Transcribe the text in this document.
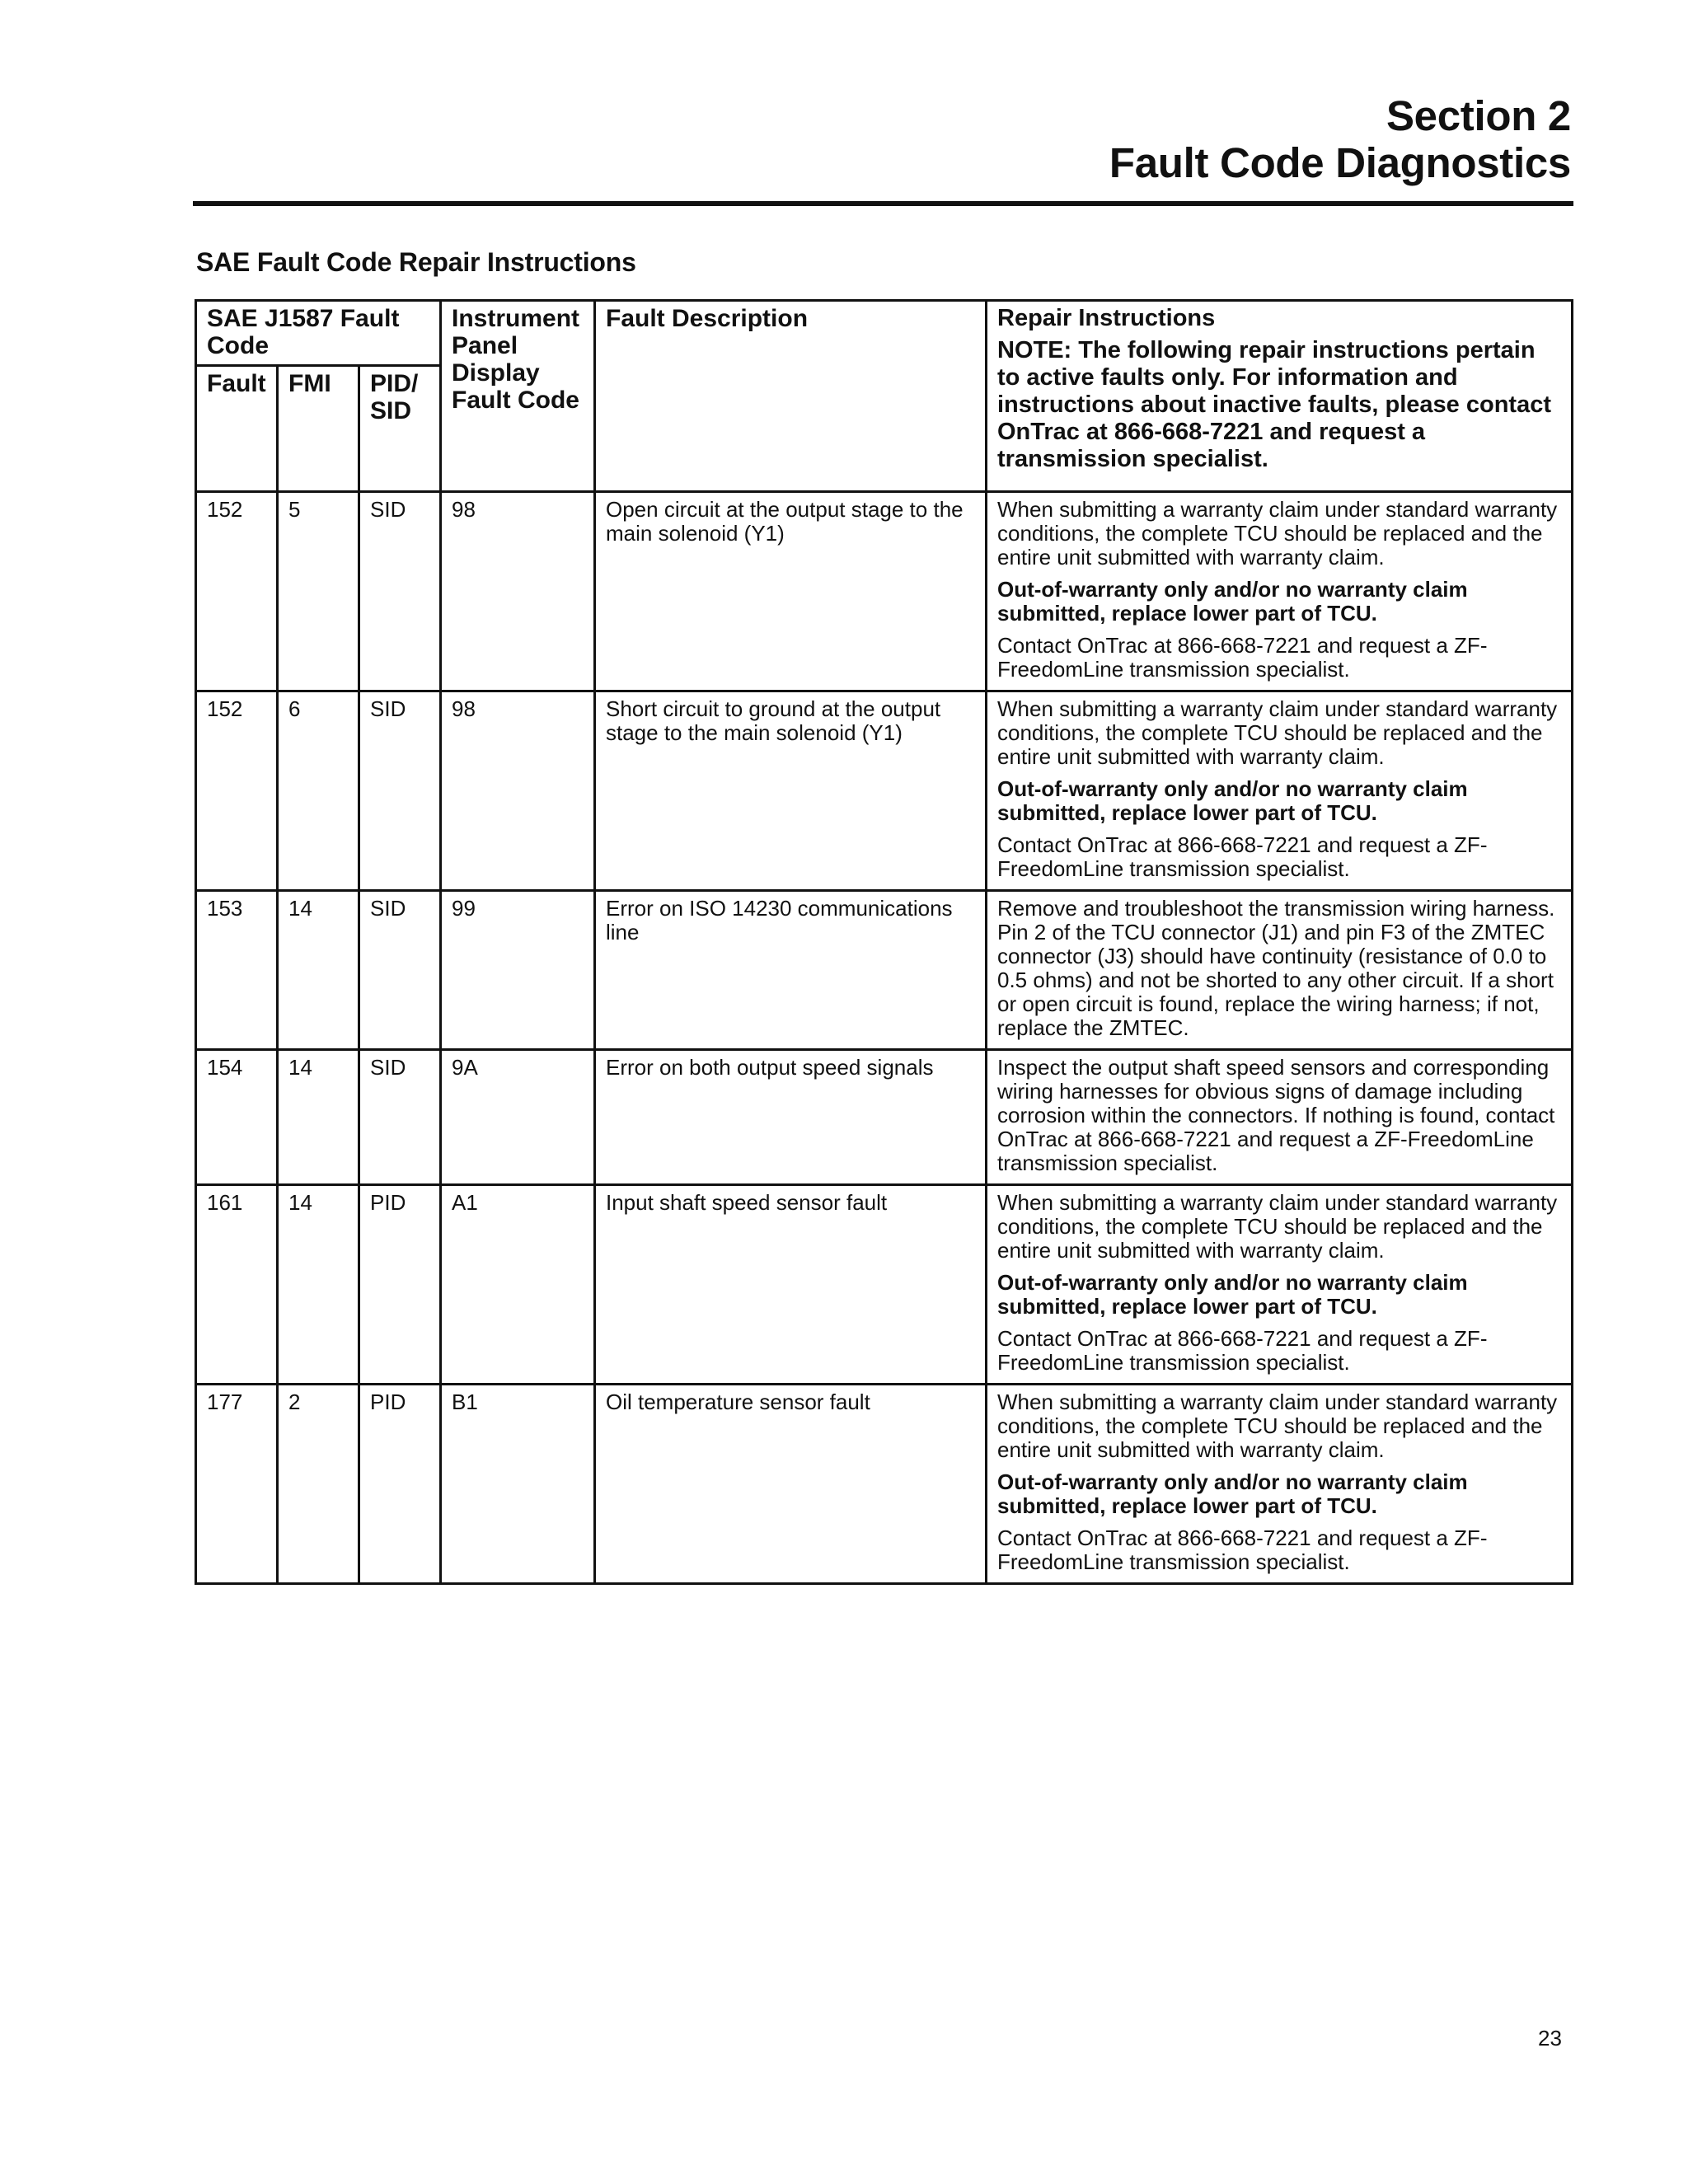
Section 2
Fault Code Diagnostics
SAE Fault Code Repair Instructions
SAE J1587 Fault Code			Instrument Panel Display Fault Code	Fault Description	Repair Instructions
NOTE: The following repair instructions pertain to active faults only. For information and instructions about inactive faults, please contact OnTrac at 866-668-7221 and request a transmission specialist.

Fault	FMI	PID/ SID			
152	5	SID	98	Open circuit at the output stage to the main solenoid (Y1)	When submitting a warranty claim under standard warranty conditions, the complete TCU should be replaced and the entire unit submitted with warranty claim.
Out-of-warranty only and/or no warranty claim submitted, replace lower part of TCU.
Contact OnTrac at 866-668-7221 and request a ZF-FreedomLine transmission specialist.

152	6	SID	98	Short circuit to ground at the output stage to the main solenoid (Y1)	When submitting a warranty claim under standard warranty conditions, the complete TCU should be replaced and the entire unit submitted with warranty claim.
Out-of-warranty only and/or no warranty claim submitted, replace lower part of TCU.
Contact OnTrac at 866-668-7221 and request a ZF-FreedomLine transmission specialist.

153	14	SID	99	Error on ISO 14230 communications line	Remove and troubleshoot the transmission wiring harness. Pin 2 of the TCU connector (J1) and pin F3 of the ZMTEC connector (J3) should have continuity (resistance of 0.0 to 0.5 ohms) and not be shorted to any other circuit. If a short or open circuit is found, replace the wiring harness; if not, replace the ZMTEC.

154	14	SID	9A	Error on both output speed signals	Inspect the output shaft speed sensors and corresponding wiring harnesses for obvious signs of damage including corrosion within the connectors. If nothing is found, contact OnTrac at 866-668-7221 and request a ZF-FreedomLine transmission specialist.

161	14	PID	A1	Input shaft speed sensor fault	When submitting a warranty claim under standard warranty conditions, the complete TCU should be replaced and the entire unit submitted with warranty claim.
Out-of-warranty only and/or no warranty claim submitted, replace lower part of TCU.
Contact OnTrac at 866-668-7221 and request a ZF-FreedomLine transmission specialist.

177	2	PID	B1	Oil temperature sensor fault	When submitting a warranty claim under standard warranty conditions, the complete TCU should be replaced and the entire unit submitted with warranty claim.
Out-of-warranty only and/or no warranty claim submitted, replace lower part of TCU.
Contact OnTrac at 866-668-7221 and request a ZF-FreedomLine transmission specialist.
23
